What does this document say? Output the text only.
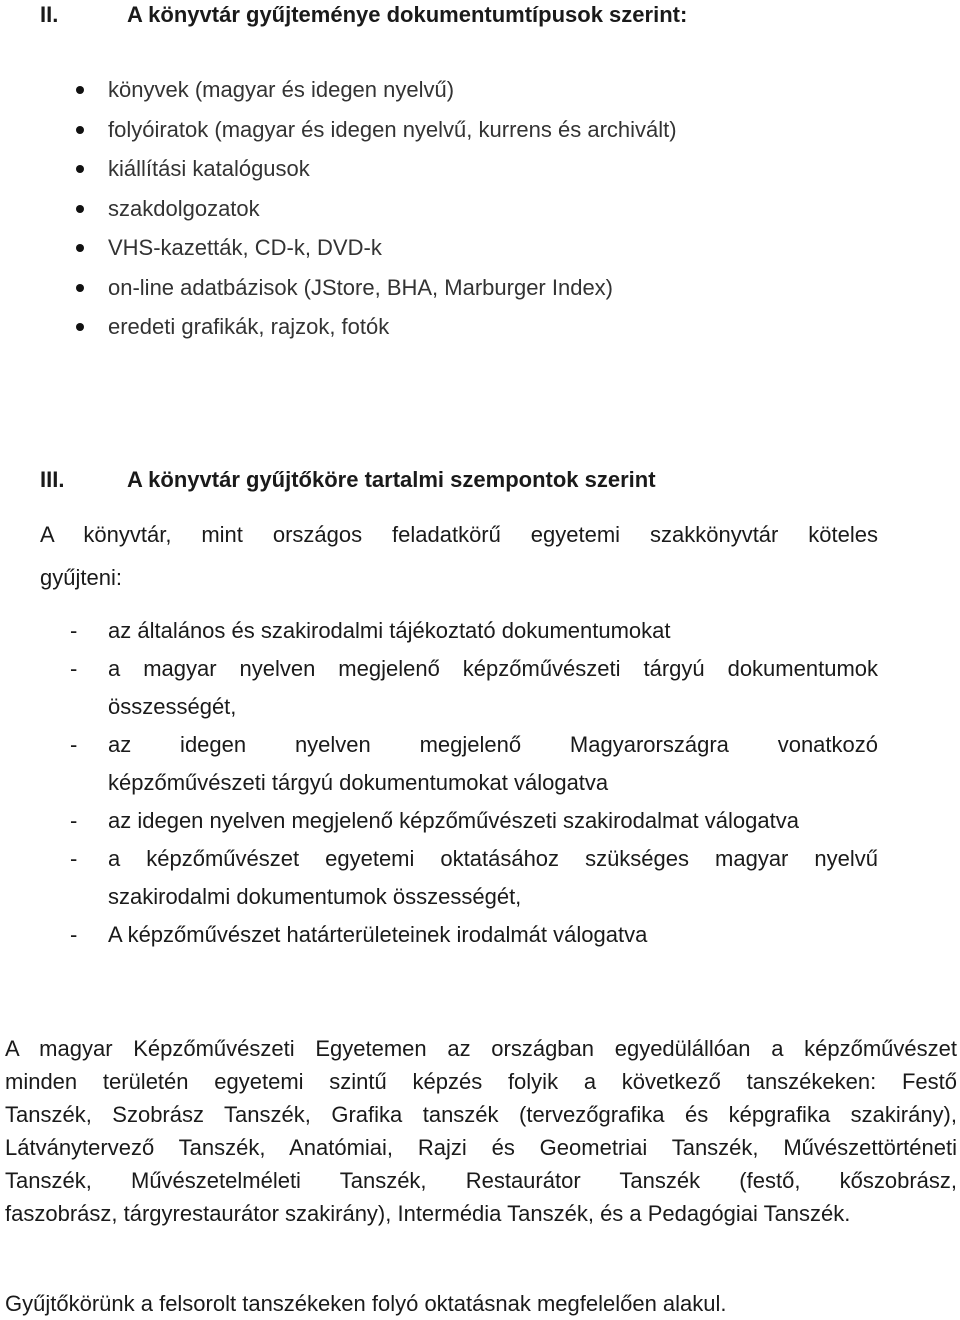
II.	A könyvtár gyűjteménye dokumentumtípusok szerint:
könyvek (magyar és idegen nyelvű)
folyóiratok (magyar és idegen nyelvű, kurrens és archivált)
kiállítási katalógusok
szakdolgozatok
VHS-kazetták, CD-k, DVD-k
on-line adatbázisok (JStore, BHA, Marburger Index)
eredeti grafikák, rajzok, fotók
III.	A könyvtár gyűjtőköre tartalmi szempontok szerint
A könyvtár, mint országos feladatkörű egyetemi szakkönyvtár köteles
gyűjteni:
- az általános és szakirodalmi tájékoztató dokumentumokat
- a magyar nyelven megjelenő képzőművészeti tárgyú dokumentumok
összességét,
- az idegen nyelven megjelenő Magyarországra vonatkozó
képzőművészeti tárgyú dokumentumokat válogatva
- az idegen nyelven megjelenő képzőművészeti szakirodalmat válogatva
- a képzőművészet egyetemi oktatásához szükséges magyar nyelvű
szakirodalmi dokumentumok összességét,
- A képzőművészet határterületeinek irodalmát válogatva
A magyar Képzőművészeti Egyetemen az országban egyedülállóan a képzőművészet
minden területén egyetemi szintű képzés folyik a következő tanszékeken: Festő
Tanszék, Szobrász Tanszék, Grafika tanszék (tervezőgrafika és képgrafika szakirány),
Látványtervező Tanszék, Anatómiai, Rajzi és Geometriai Tanszék, Művészettörténeti
Tanszék, Művészetelméleti Tanszék, Restaurátor Tanszék (festő, kőszobrász,
faszobrász, tárgyrestaurátor szakirány), Intermédia Tanszék, és a Pedagógiai Tanszék.
Gyűjtőkörünk a felsorolt tanszékeken folyó oktatásnak megfelelően alakul.
